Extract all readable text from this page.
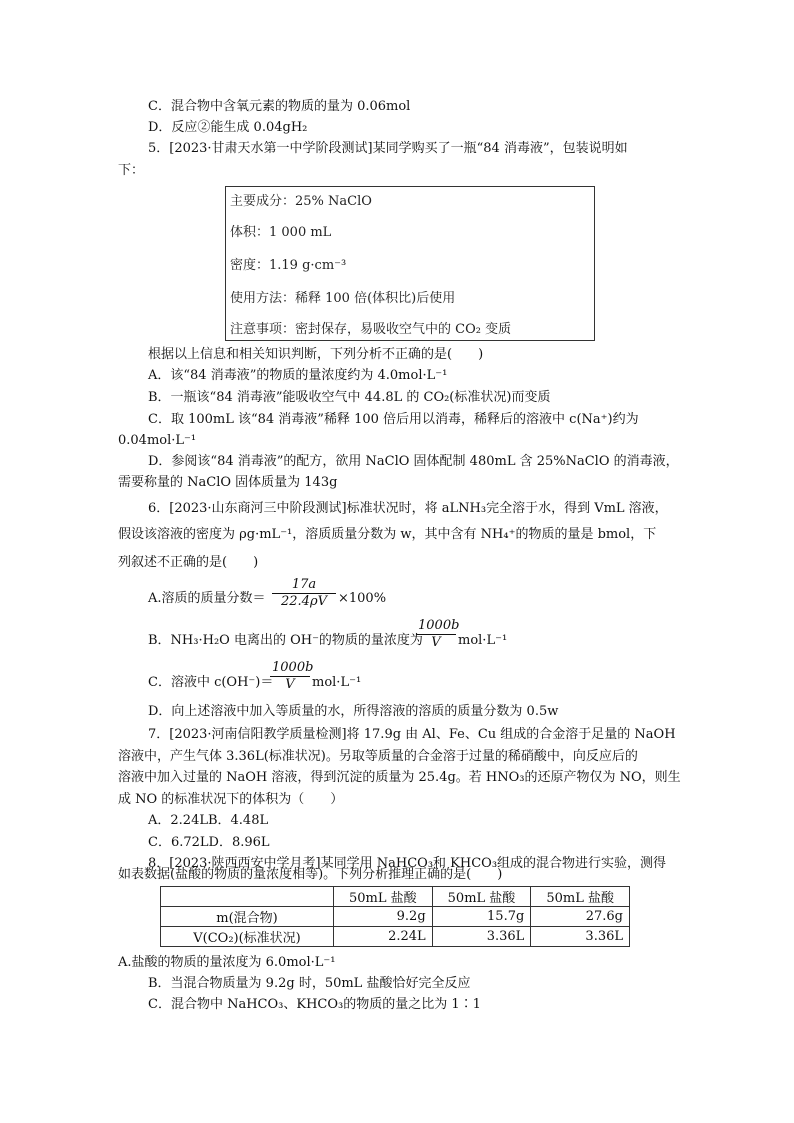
C．混合物中含氧元素的物质的量为 0.06mol
D．反应②能生成 0.04gH₂
5．[2023·甘肃天水第一中学阶段测试]某同学购买了一瓶“84 消毒液”，包装说明如
下：
主要成分：25% NaClO
体积：1 000 mL
密度：1.19 g·cm⁻³
使用方法：稀释 100 倍(体积比)后使用
注意事项：密封保存，易吸收空气中的 CO₂ 变质
根据以上信息和相关知识判断，下列分析不正确的是(　　)
A．该“84 消毒液”的物质的量浓度约为 4.0mol·L⁻¹
B．一瓶该“84 消毒液”能吸收空气中 44.8L 的 CO₂(标准状况)而变质
C．取 100mL 该“84 消毒液”稀释 100 倍后用以消毒，稀释后的溶液中 c(Na⁺)约为
0.04mol·L⁻¹
D．参阅该“84 消毒液”的配方，欲用 NaClO 固体配制 480mL 含 25%NaClO 的消毒液，
需要称量的 NaClO 固体质量为 143g
6．[2023·山东商河三中阶段测试]标准状况时，将 aLNH₃完全溶于水，得到 VmL 溶液，
假设该溶液的密度为 ρg·mL⁻¹，溶质质量分数为 w，其中含有 NH₄⁺的物质的量是 bmol，下
列叙述不正确的是(　　)
A.溶质的质量分数＝ $\frac{17a}{22.4\rho V} \times 100\%$
B．NH₃·H₂O 电离出的 OH⁻的物质的量浓度为
$\frac{1000b}{V} mol\cdot L^{-1}$
C．溶液中 c(OH⁻)＝
$\frac{1000b}{V} mol\cdot L^{-1}$
D．向上述溶液中加入等质量的水，所得溶液的溶质的质量分数为 0.5w
7．[2023·河南信阳教学质量检测]将 17.9g 由 Al、Fe、Cu 组成的合金溶于足量的 NaOH
溶液中，产生气体 3.36L(标准状况)。另取等质量的合金溶于过量的稀硝酸中，向反应后的
溶液中加入过量的 NaOH 溶液，得到沉淀的质量为 25.4g。若 HNO₃的还原产物仅为 NO，则生
成 NO 的标准状况下的体积为（　　）
A．2.24LB．4.48L
C．6.72LD．8.96L
8．[2023·陕西西安中学月考]某同学用 NaHCO₃和 KHCO₃组成的混合物进行实验，测得
如表数据(盐酸的物质的量浓度相等)。下列分析推理正确的是(　　)
	50mL 盐酸	50mL 盐酸	50mL 盐酸
m(混合物)	9.2g	15.7g	27.6g
V(CO₂)(标准状况)	2.24L	3.36L	3.36L
A.盐酸的物质的量浓度为 6.0mol·L⁻¹
B．当混合物质量为 9.2g 时，50mL 盐酸恰好完全反应
C．混合物中 NaHCO₃、KHCO₃的物质的量之比为 1∶1
